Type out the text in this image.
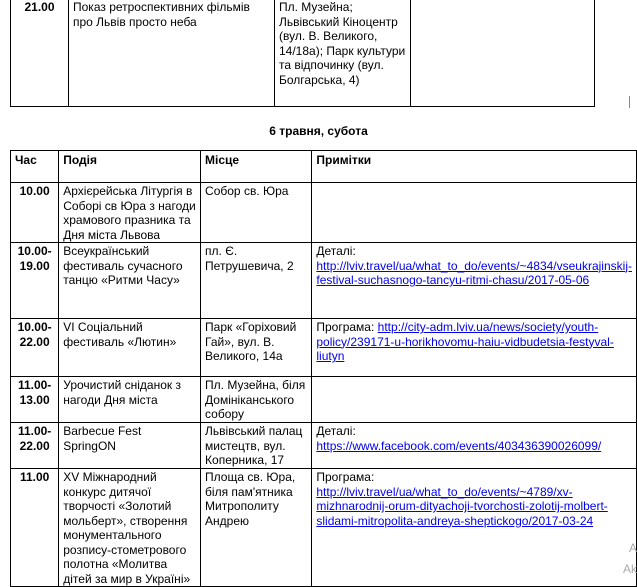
21.00	Показ ретроспективних фільмів про Львів просто неба	Пл. Музейна; Львівський Кіноцентр (вул. В. Великого, 14/18а); Парк культури та відпочинку (вул. Болгарська, 4)	
6 травня, субота
Час	Подія	Місце	Примітки
10.00	Архієрейська Літургія в Соборі св Юра з нагоди храмового празника та Дня міста Львова	Собор св. Юра	
10.00-19.00	Всеукраїнський фестиваль сучасного танцю «Ритми Часу»	пл. Є. Петрушевича, 2	Деталі: http://lviv.travel/ua/what_to_do/events/~4834/vseukrajinskij-festival-suchasnogo-tancyu-ritmi-chasu/2017-05-06
10.00-22.00	VI Соціальний фестиваль «Лютин»	Парк «Горіховий Гай», вул. В. Великого, 14а	Програма: http://city-adm.lviv.ua/news/society/youth-policy/239171-u-horikhovomu-haiu-vidbudetsia-festyval-liutyn
11.00-13.00	Урочистий сніданок з нагоди Дня міста	Пл. Музейна, біля Домініканського собору	
11.00-22.00	Barbecue Fest SpringON	Львівський палац мистецтв, вул. Коперника, 17	Деталі: https://www.facebook.com/events/403436390026099/
11.00	XV Міжнародний конкурс дитячої творчості «Золотий мольберт», створення монументального розпису-стометрового полотна «Молитва дітей за мир в Україні»	Площа св. Юра, біля пам'ятника Митрополиту Андрею	Програма: http://lviv.travel/ua/what_to_do/events/~4789/xv-mizhnarodnij-orum-dityachoji-tvorchosti-zolotij-molbert-slidami-mitropolita-andreya-sheptickogo/2017-03-24
A
Ak
